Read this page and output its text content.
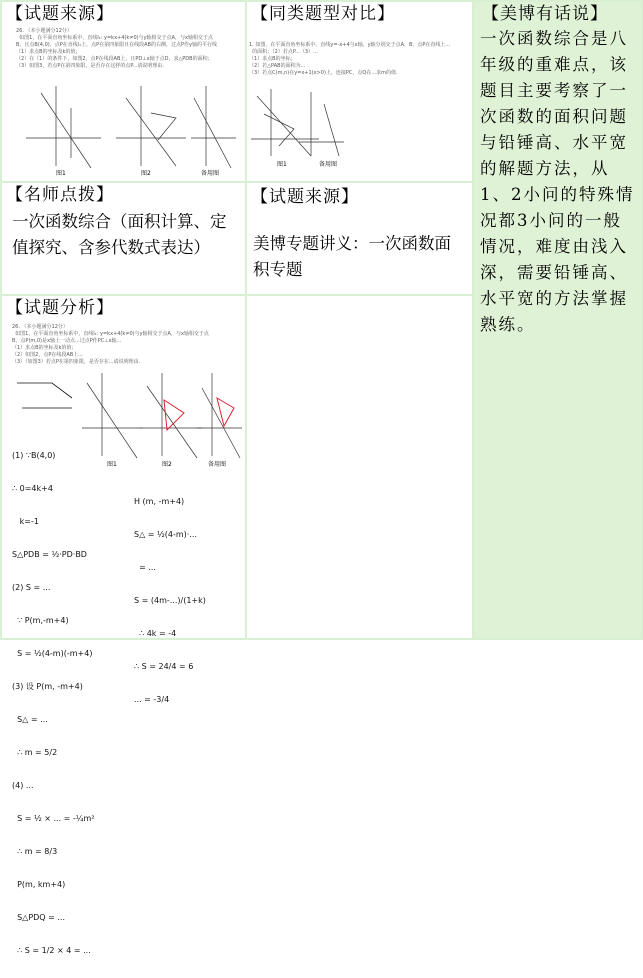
【试题来源】
26. （本小题满分12分）
如图1，在平面直角坐标系中，直线l₁: y=kx+4(k≠0)与y轴相交于点A，与x轴相交于点
B，且点B(4,0)，点P在直线l₁上，点P在第四象限且在线段AB的右侧，过点P作y轴的平行线
（1）求点B的坐标及k的值；
（2）在（1）的条件下，如图2，点P在线段AB上，且PD⊥x轴于点D，求△PDB的面积；
（3）如图3，若点P在第四象限，是否存在这样的点P...请说明理由.
图1	图2	备用图
【同类题型对比】
1. 如图，在平面直角坐标系中，直线y=-x+4与x轴、y轴分别交于点A、B，点P在直线上...
的面积；（2）若点P...（3）...
（1）求点B的坐标；
（2）若△PAB的面积为...
（3）若点C(m,n)在y=x+1(x>0)上，连接PC，点Q在...求m的值.
图1	备用图
【美博有话说】
一次函数综合是八年级的重难点，该题目主要考察了一次函数的面积问题与铅锤高、水平宽的解题方法，从1、2小问的特殊情况都3小问的一般情况，难度由浅入深，需要铅锤高、水平宽的方法掌握熟练。
【名师点拨】
一次函数综合（面积计算、定值探究、含参代数式表达）
【试题来源】
美博专题讲义：一次函数面积专题
【试题分析】
26. （本小题满分12分）
如图1，在平面直角坐标系中，直线l₁: y=kx+4(k≠0)与y轴相交于点A，与x轴相交于点
B，点P(m,0)是x轴上一动点...过点P作PC⊥x轴...
（1）求点B的坐标及k的值；
（2）如图2，点P在线段AB上...
（3）（如图3）若点P在第四象限，是否存在...请说明理由.
图1	图2	备用图

(1) ∵B(4,0)

∴ 0=4k+4

k=-1

S△PDB = ½·PD·BD

(2) S = ...

∵ P(m,-m+4)

S = ½(4-m)(-m+4)

(3) 设 P(m, -m+4)

S△ = ...

∴ m = 5/2

(4) ...

S = ½ × ... = -¼m²

∴ m = 8/3

P(m, km+4)

S△PDQ = ...

∴ S = 1/2 × 4 = ...

H (m, -m+4)

S△ = ½(4-m)·...

= ...

S = (4m-...)/(1+k)

∴ 4k = -4

∴ S = 24/4 = 6

... = -3/4
